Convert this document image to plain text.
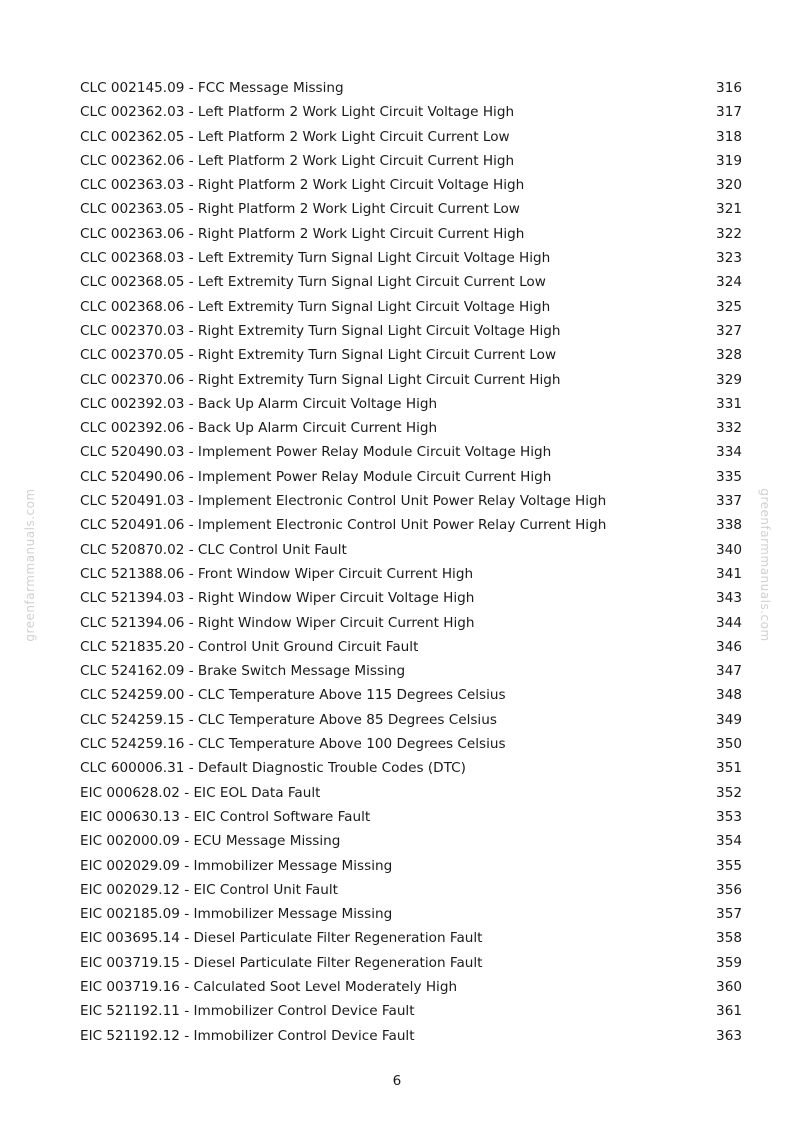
greenfarmmanuals.com	greenfarmmanuals.com
CLC 002145.09 - FCC Message Missing	316
CLC 002362.03 - Left Platform 2 Work Light Circuit Voltage High	317
CLC 002362.05 - Left Platform 2 Work Light Circuit Current Low	318
CLC 002362.06 - Left Platform 2 Work Light Circuit Current High	319
CLC 002363.03 - Right Platform 2 Work Light Circuit Voltage High	320
CLC 002363.05 - Right Platform 2 Work Light Circuit Current Low	321
CLC 002363.06 - Right Platform 2 Work Light Circuit Current High	322
CLC 002368.03 - Left Extremity Turn Signal Light Circuit Voltage High	323
CLC 002368.05 - Left Extremity Turn Signal Light Circuit Current Low	324
CLC 002368.06 - Left Extremity Turn Signal Light Circuit Voltage High	325
CLC 002370.03 - Right Extremity Turn Signal Light Circuit Voltage High	327
CLC 002370.05 - Right Extremity Turn Signal Light Circuit Current Low	328
CLC 002370.06 - Right Extremity Turn Signal Light Circuit Current High	329
CLC 002392.03 - Back Up Alarm Circuit Voltage High	331
CLC 002392.06 - Back Up Alarm Circuit Current High	332
CLC 520490.03 - Implement Power Relay Module Circuit Voltage High	334
CLC 520490.06 - Implement Power Relay Module Circuit Current High	335
CLC 520491.03 - Implement Electronic Control Unit Power Relay Voltage High	337
CLC 520491.06 - Implement Electronic Control Unit Power Relay Current High	338
CLC 520870.02 - CLC Control Unit Fault	340
CLC 521388.06 - Front Window Wiper Circuit Current High	341
CLC 521394.03 - Right Window Wiper Circuit Voltage High	343
CLC 521394.06 - Right Window Wiper Circuit Current High	344
CLC 521835.20 - Control Unit Ground Circuit Fault	346
CLC 524162.09 - Brake Switch Message Missing	347
CLC 524259.00 - CLC Temperature Above 115 Degrees Celsius	348
CLC 524259.15 - CLC Temperature Above 85 Degrees Celsius	349
CLC 524259.16 - CLC Temperature Above 100 Degrees Celsius	350
CLC 600006.31 - Default Diagnostic Trouble Codes (DTC)	351
EIC 000628.02 - EIC EOL Data Fault	352
EIC 000630.13 - EIC Control Software Fault	353
EIC 002000.09 - ECU Message Missing	354
EIC 002029.09 - Immobilizer Message Missing	355
EIC 002029.12 - EIC Control Unit Fault	356
EIC 002185.09 - Immobilizer Message Missing	357
EIC 003695.14 - Diesel Particulate Filter Regeneration Fault	358
EIC 003719.15 - Diesel Particulate Filter Regeneration Fault	359
EIC 003719.16 - Calculated Soot Level Moderately High	360
EIC 521192.11 - Immobilizer Control Device Fault	361
EIC 521192.12 - Immobilizer Control Device Fault	363
6
